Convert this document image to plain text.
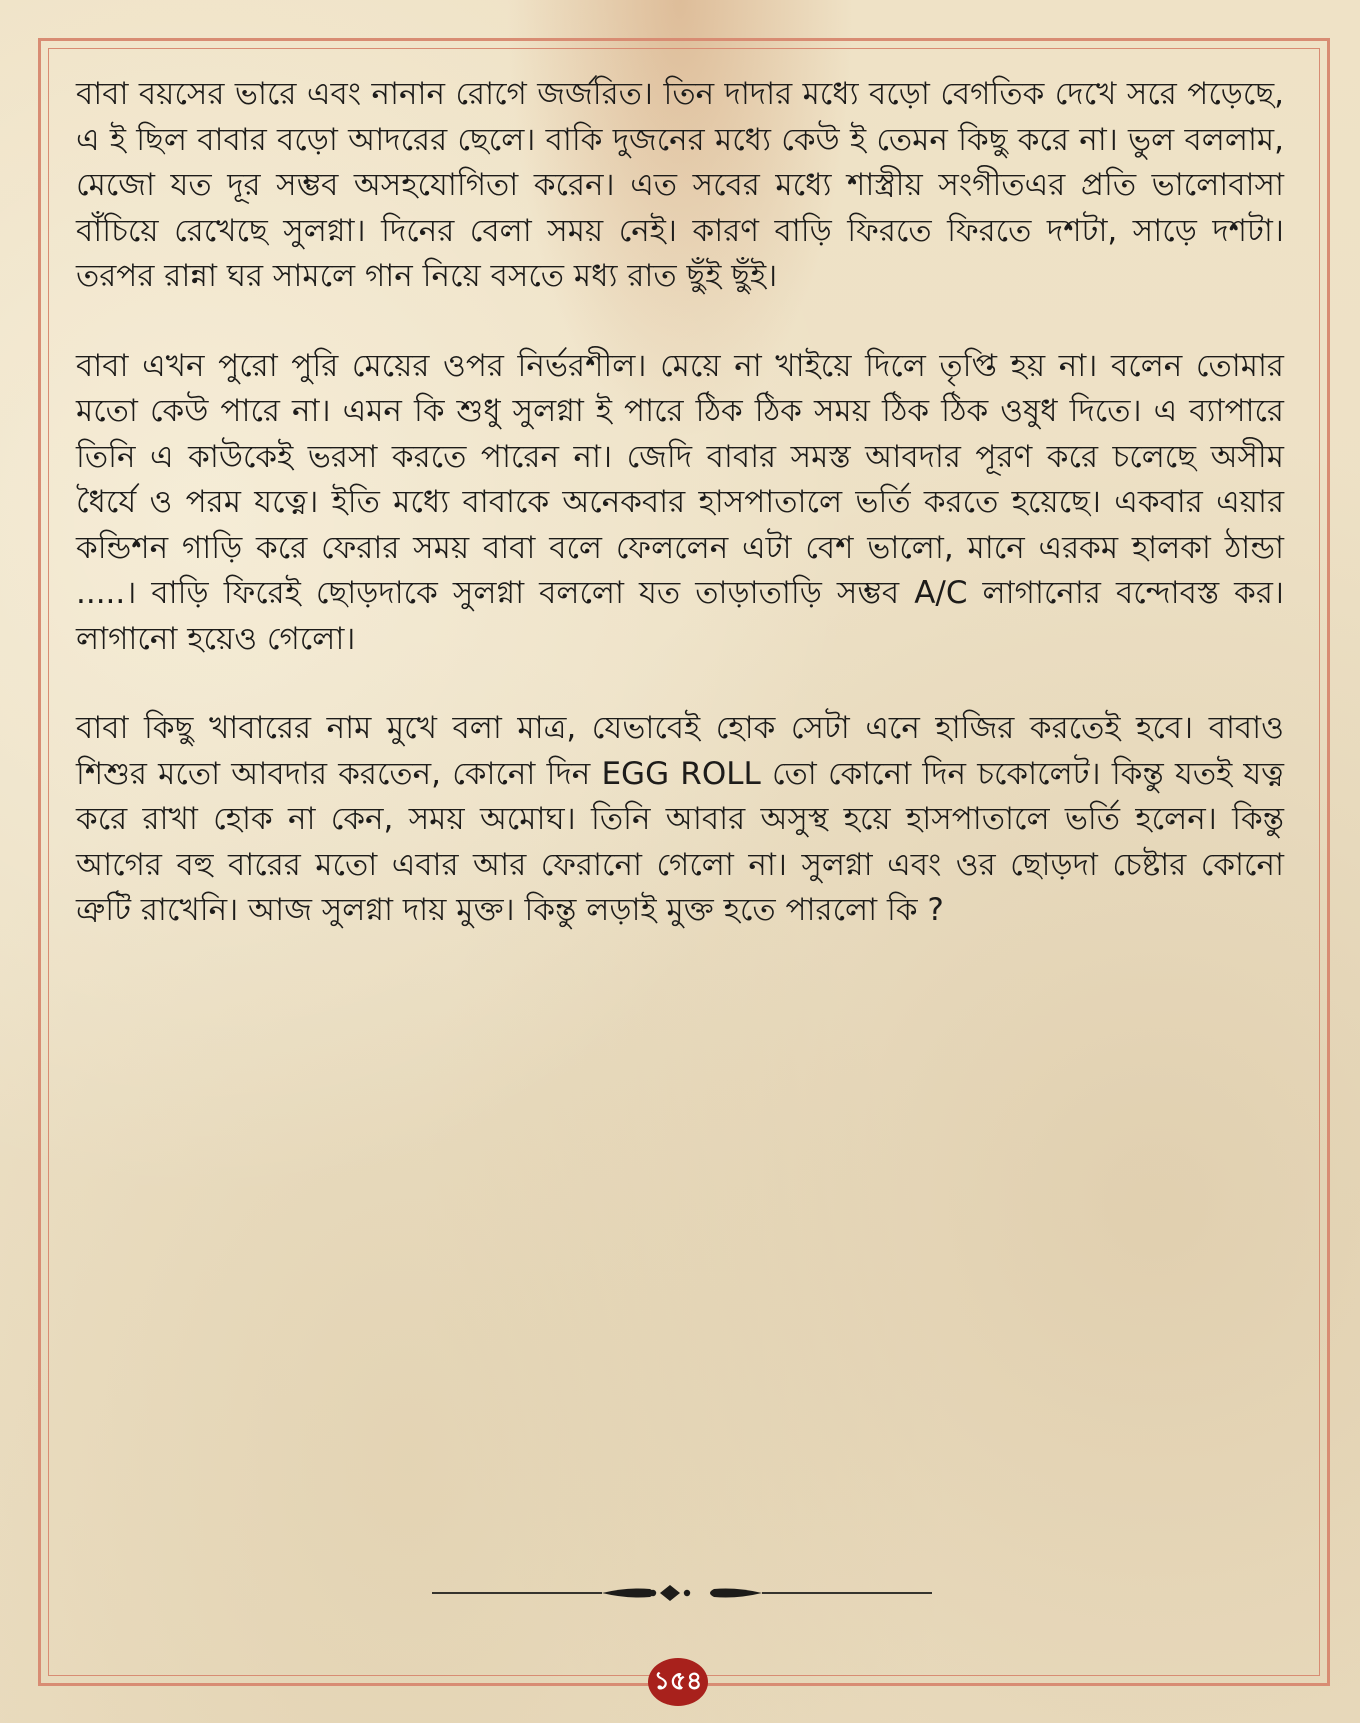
বাবা বয়সের ভারে এবং নানান রোগে জর্জরিত। তিন দাদার মধ্যে বড়ো বেগতিক দেখে সরে পড়েছে, এ ই ছিল বাবার বড়ো আদরের ছেলে। বাকি দুজনের মধ্যে কেউ ই তেমন কিছু করে না। ভুল বললাম, মেজো যত দূর সম্ভব অসহযোগিতা করেন। এত সবের মধ্যে শাস্ত্রীয় সংগীতএর প্রতি ভালোবাসা বাঁচিয়ে রেখেছে সুলগ্না। দিনের বেলা সময় নেই। কারণ বাড়ি ফিরতে ফিরতে দশটা, সাড়ে দশটা। তরপর রান্না ঘর সামলে গান নিয়ে বসতে মধ্য রাত ছুঁই ছুঁই।

বাবা এখন পুরো পুরি মেয়ের ওপর নির্ভরশীল। মেয়ে না খাইয়ে দিলে তৃপ্তি হয় না। বলেন তোমার মতো কেউ পারে না। এমন কি শুধু সুলগ্না ই পারে ঠিক ঠিক সময় ঠিক ঠিক ওষুধ দিতে। এ ব্যাপারে তিনি এ কাউকেই ভরসা করতে পারেন না। জেদি বাবার সমস্ত আবদার পূরণ করে চলেছে অসীম ধৈর্যে ও পরম যত্নে। ইতি মধ্যে বাবাকে অনেকবার হাসপাতালে ভর্তি করতে হয়েছে। একবার এয়ার কন্ডিশন গাড়ি করে ফেরার সময় বাবা বলে ফেললেন এটা বেশ ভালো, মানে এরকম হালকা ঠান্ডা .....। বাড়ি ফিরেই ছোড়দাকে সুলগ্না বললো যত তাড়াতাড়ি সম্ভব A/C লাগানোর বন্দোবস্ত কর। লাগানো হয়েও গেলো।

বাবা কিছু খাবারের নাম মুখে বলা মাত্র, যেভাবেই হোক সেটা এনে হাজির করতেই হবে। বাবাও শিশুর মতো আবদার করতেন, কোনো দিন EGG ROLL তো কোনো দিন চকোলেট। কিন্তু যতই যত্ন করে রাখা হোক না কেন, সময় অমোঘ। তিনি আবার অসুস্থ হয়ে হাসপাতালে ভর্তি হলেন। কিন্তু আগের বহু বারের মতো এবার আর ফেরানো গেলো না। সুলগ্না এবং ওর ছোড়দা চেষ্টার কোনো ত্রুটি রাখেনি। আজ সুলগ্না দায় মুক্ত। কিন্তু লড়াই মুক্ত হতে পারলো কি ?

১৫৪
